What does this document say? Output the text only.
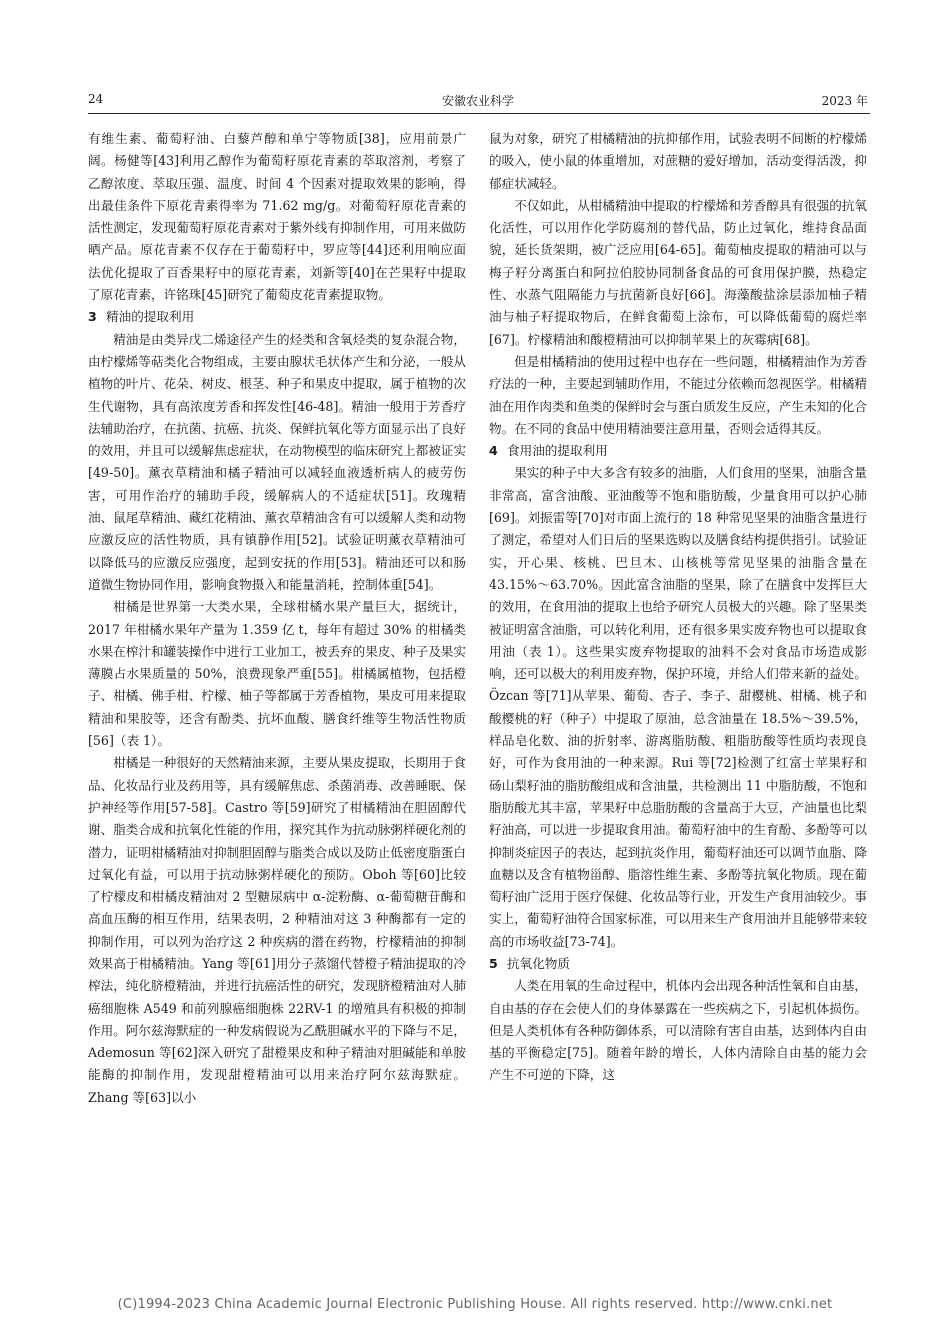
24	安徽农业科学	2023 年

有维生素、葡萄籽油、白藜芦醇和单宁等物质[38]，应用前景广阔。杨健等[43]利用乙醇作为葡萄籽原花青素的萃取溶剂，考察了乙醇浓度、萃取压强、温度、时间 4 个因素对提取效果的影响，得出最佳条件下原花青素得率为 71.62 mg/g。对葡萄籽原花青素的活性测定，发现葡萄籽原花青素对于紫外线有抑制作用，可用来做防晒产品。原花青素不仅存在于葡萄籽中，罗应等[44]还利用响应面法优化提取了百香果籽中的原花青素，刘新等[40]在芒果籽中提取了原花青素，许铭珠[45]研究了葡萄皮花青素提取物。

3 精油的提取利用

精油是由类异戊二烯途径产生的烃类和含氧烃类的复杂混合物，由柠檬烯等萜类化合物组成，主要由腺状毛状体产生和分泌，一般从植物的叶片、花朵、树皮、根茎、种子和果皮中提取，属于植物的次生代谢物，具有高浓度芳香和挥发性[46-48]。精油一般用于芳香疗法辅助治疗，在抗菌、抗癌、抗炎、保鲜抗氧化等方面显示出了良好的效用，并且可以缓解焦虑症状，在动物模型的临床研究上都被证实[49-50]。薰衣草精油和橘子精油可以减轻血液透析病人的疲劳伤害，可用作治疗的辅助手段，缓解病人的不适症状[51]。玫瑰精油、鼠尾草精油、藏红花精油、薰衣草精油含有可以缓解人类和动物应激反应的活性物质，具有镇静作用[52]。试验证明薰衣草精油可以降低马的应激反应强度，起到安抚的作用[53]。精油还可以和肠道微生物协同作用，影响食物摄入和能量消耗，控制体重[54]。

柑橘是世界第一大类水果，全球柑橘水果产量巨大，据统计，2017 年柑橘水果年产量为 1.359 亿 t，每年有超过 30% 的柑橘类水果在榨汁和罐装操作中进行工业加工，被丢弃的果皮、种子及果实薄膜占水果质量的 50%，浪费现象严重[55]。柑橘属植物，包括橙子、柑橘、佛手柑、柠檬、柚子等都属于芳香植物，果皮可用来提取精油和果胶等，还含有酚类、抗坏血酸、膳食纤维等生物活性物质[56]（表 1）。

柑橘是一种很好的天然精油来源，主要从果皮提取，长期用于食品、化妆品行业及药用等，具有缓解焦虑、杀菌消毒、改善睡眠、保护神经等作用[57-58]。Castro 等[59]研究了柑橘精油在胆固醇代谢、脂类合成和抗氧化性能的作用，探究其作为抗动脉粥样硬化剂的潜力，证明柑橘精油对抑制胆固醇与脂类合成以及防止低密度脂蛋白过氧化有益，可以用于抗动脉粥样硬化的预防。Oboh 等[60]比较了柠檬皮和柑橘皮精油对 2 型糖尿病中 α-淀粉酶、α-葡萄糖苷酶和高血压酶的相互作用，结果表明，2 种精油对这 3 种酶都有一定的抑制作用，可以列为治疗这 2 种疾病的潜在药物，柠檬精油的抑制效果高于柑橘精油。Yang 等[61]用分子蒸馏代替橙子精油提取的冷榨法，纯化脐橙精油，并进行抗癌活性的研究，发现脐橙精油对人肺癌细胞株 A549 和前列腺癌细胞株 22RV-1 的增殖具有积极的抑制作用。阿尔兹海默症的一种发病假说为乙酰胆碱水平的下降与不足，Ademosun 等[62]深入研究了甜橙果皮和种子精油对胆碱能和单胺能酶的抑制作用，发现甜橙精油可以用来治疗阿尔兹海默症。Zhang 等[63]以小

鼠为对象，研究了柑橘精油的抗抑郁作用，试验表明不间断的柠檬烯的吸入，使小鼠的体重增加，对蔗糖的爱好增加，活动变得活泼，抑郁症状减轻。

不仅如此，从柑橘精油中提取的柠檬烯和芳香醇具有很强的抗氧化活性，可以用作化学防腐剂的替代品，防止过氧化，维持食品面貌，延长货架期，被广泛应用[64-65]。葡萄柚皮提取的精油可以与梅子籽分离蛋白和阿拉伯胶协同制备食品的可食用保护膜，热稳定性、水蒸气阻隔能力与抗菌新良好[66]。海藻酸盐涂层添加柚子精油与柚子籽提取物后，在鲜食葡萄上涂布，可以降低葡萄的腐烂率[67]。柠檬精油和酸橙精油可以抑制苹果上的灰霉病[68]。

但是柑橘精油的使用过程中也存在一些问题，柑橘精油作为芳香疗法的一种，主要起到辅助作用，不能过分依赖而忽视医学。柑橘精油在用作肉类和鱼类的保鲜时会与蛋白质发生反应，产生未知的化合物。在不同的食品中使用精油要注意用量，否则会适得其反。

4 食用油的提取利用

果实的种子中大多含有较多的油脂，人们食用的坚果，油脂含量非常高，富含油酸、亚油酸等不饱和脂肪酸，少量食用可以护心肺[69]。刘振雷等[70]对市面上流行的 18 种常见坚果的油脂含量进行了测定，希望对人们日后的坚果选购以及膳食结构提供指引。试验证实，开心果、核桃、巴旦木、山核桃等常见坚果的油脂含量在 43.15%～63.70%。因此富含油脂的坚果，除了在膳食中发挥巨大的效用，在食用油的提取上也给予研究人员极大的兴趣。除了坚果类被证明富含油脂，可以转化利用，还有很多果实废弃物也可以提取食用油（表 1）。这些果实废弃物提取的油料不会对食品市场造成影响，还可以极大的利用废弃物，保护环境，并给人们带来新的益处。

Özcan 等[71]从苹果、葡萄、杏子、李子、甜樱桃、柑橘、桃子和酸樱桃的籽（种子）中提取了原油，总含油量在 18.5%～39.5%，样品皂化数、油的折射率、游离脂肪酸、粗脂肪酸等性质均表现良好，可作为食用油的一种来源。Rui 等[72]检测了红富士苹果籽和砀山梨籽油的脂肪酸组成和含油量，共检测出 11 中脂肪酸，不饱和脂肪酸尤其丰富，苹果籽中总脂肪酸的含量高于大豆，产油量也比梨籽油高，可以进一步提取食用油。葡萄籽油中的生育酚、多酚等可以抑制炎症因子的表达，起到抗炎作用，葡萄籽油还可以调节血脂、降血糖以及含有植物甾醇、脂溶性维生素、多酚等抗氧化物质。现在葡萄籽油广泛用于医疗保健、化妆品等行业，开发生产食用油较少。事实上，葡萄籽油符合国家标准，可以用来生产食用油并且能够带来较高的市场收益[73-74]。

5 抗氧化物质

人类在用氧的生命过程中，机体内会出现各种活性氧和自由基，自由基的存在会使人们的身体暴露在一些疾病之下，引起机体损伤。但是人类机体有各种防御体系，可以清除有害自由基，达到体内自由基的平衡稳定[75]。随着年龄的增长，人体内清除自由基的能力会产生不可逆的下降，这

(C)1994-2023 China Academic Journal Electronic Publishing House. All rights reserved. http://www.cnki.net
